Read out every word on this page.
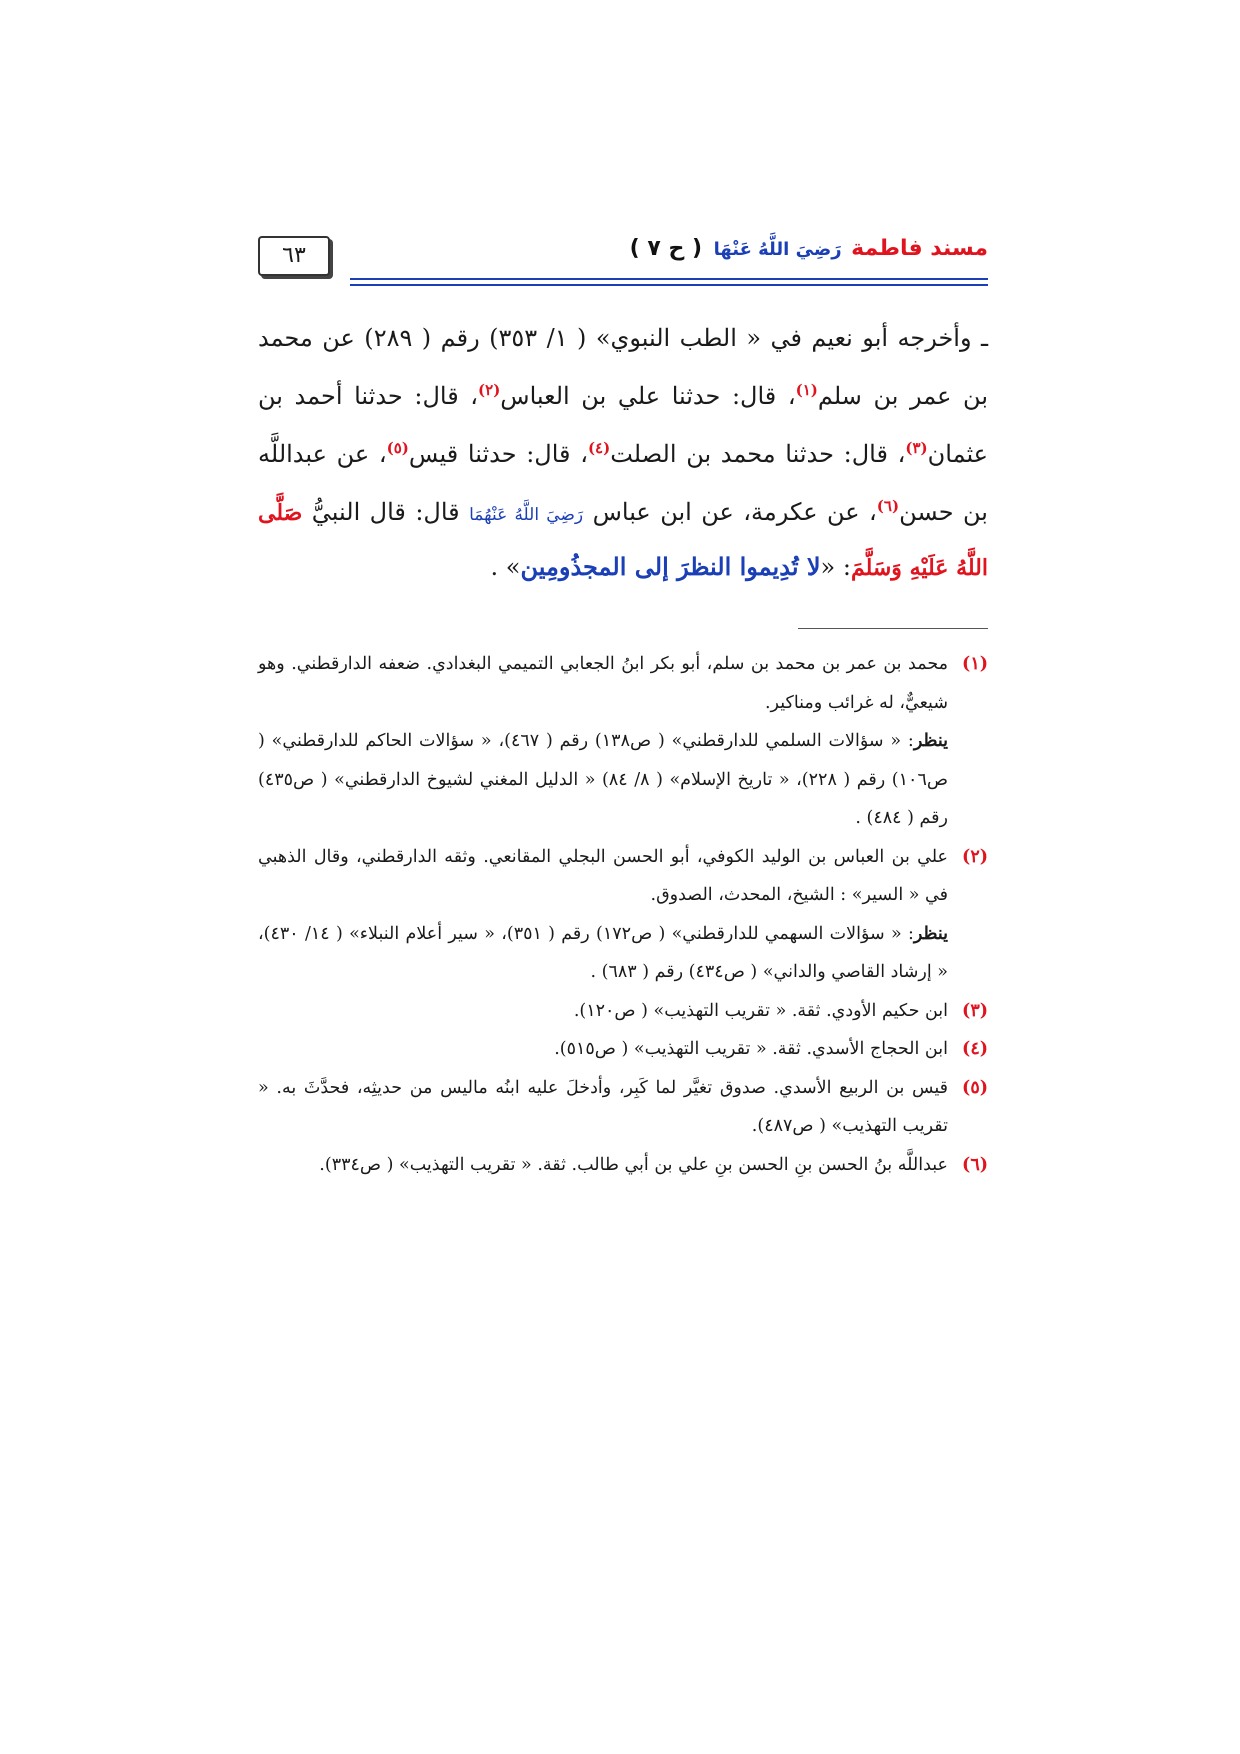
٦٣	مسند فاطمة رَضِيَ اللَّهُ عَنْهَا ( ح ٧ )

ـ وأخرجه أبو نعيم في « الطب النبوي» ( ١/ ٣٥٣) رقم ( ٢٨٩) عن محمد بن عمر بن سلم$^{(١)}$، قال: حدثنا علي بن العباس$^{(٢)}$، قال: حدثنا أحمد بن عثمان$^{(٣)}$، قال: حدثنا محمد بن الصلت$^{(٤)}$، قال: حدثنا قيس$^{(٥)}$، عن عبداللَّه بن حسن$^{(٦)}$، عن عكرمة، عن ابن عباس رَضِيَ اللَّهُ عَنْهُمَا قال: قال النبيُّ صَلَّى اللَّهُ عَلَيْهِ وَسَلَّمَ: «لا تُدِيموا النظرَ إلى المجذُومِين» .

(١)

محمد بن عمر بن محمد بن سلم، أبو بكر ابنُ الجعابي التميمي البغدادي. ضعفه الدارقطني. وهو شيعيٌّ، له غرائب ومناكير.

ينظر: « سؤالات السلمي للدارقطني» ( ص١٣٨) رقم ( ٤٦٧)، « سؤالات الحاكم للدارقطني» ( ص١٠٦) رقم ( ٢٢٨)، « تاريخ الإسلام» ( ٨/ ٨٤) « الدليل المغني لشيوخ الدارقطني» ( ص٤٣٥) رقم ( ٤٨٤) .

(٢)

علي بن العباس بن الوليد الكوفي، أبو الحسن البجلي المقانعي. وثقه الدارقطني، وقال الذهبي في « السير» : الشيخ، المحدث، الصدوق.

ينظر: « سؤالات السهمي للدارقطني» ( ص١٧٢) رقم ( ٣٥١)، « سير أعلام النبلاء» ( ١٤/ ٤٣٠)، « إرشاد القاصي والداني» ( ص٤٣٤) رقم ( ٦٨٣) .

(٣)

ابن حكيم الأودي. ثقة. « تقريب التهذيب» ( ص١٢٠).

(٤)

ابن الحجاج الأسدي. ثقة. « تقريب التهذيب» ( ص٥١٥).

(٥)

قيس بن الربيع الأسدي. صدوق تغيَّر لما كَبِر، وأدخلَ عليه ابنُه ماليس من حديثِه، فحدَّثَ به. « تقريب التهذيب» ( ص٤٨٧).

(٦)

عبداللَّه بنُ الحسن بنِ الحسن بنِ علي بن أبي طالب. ثقة. « تقريب التهذيب» ( ص٣٣٤).
